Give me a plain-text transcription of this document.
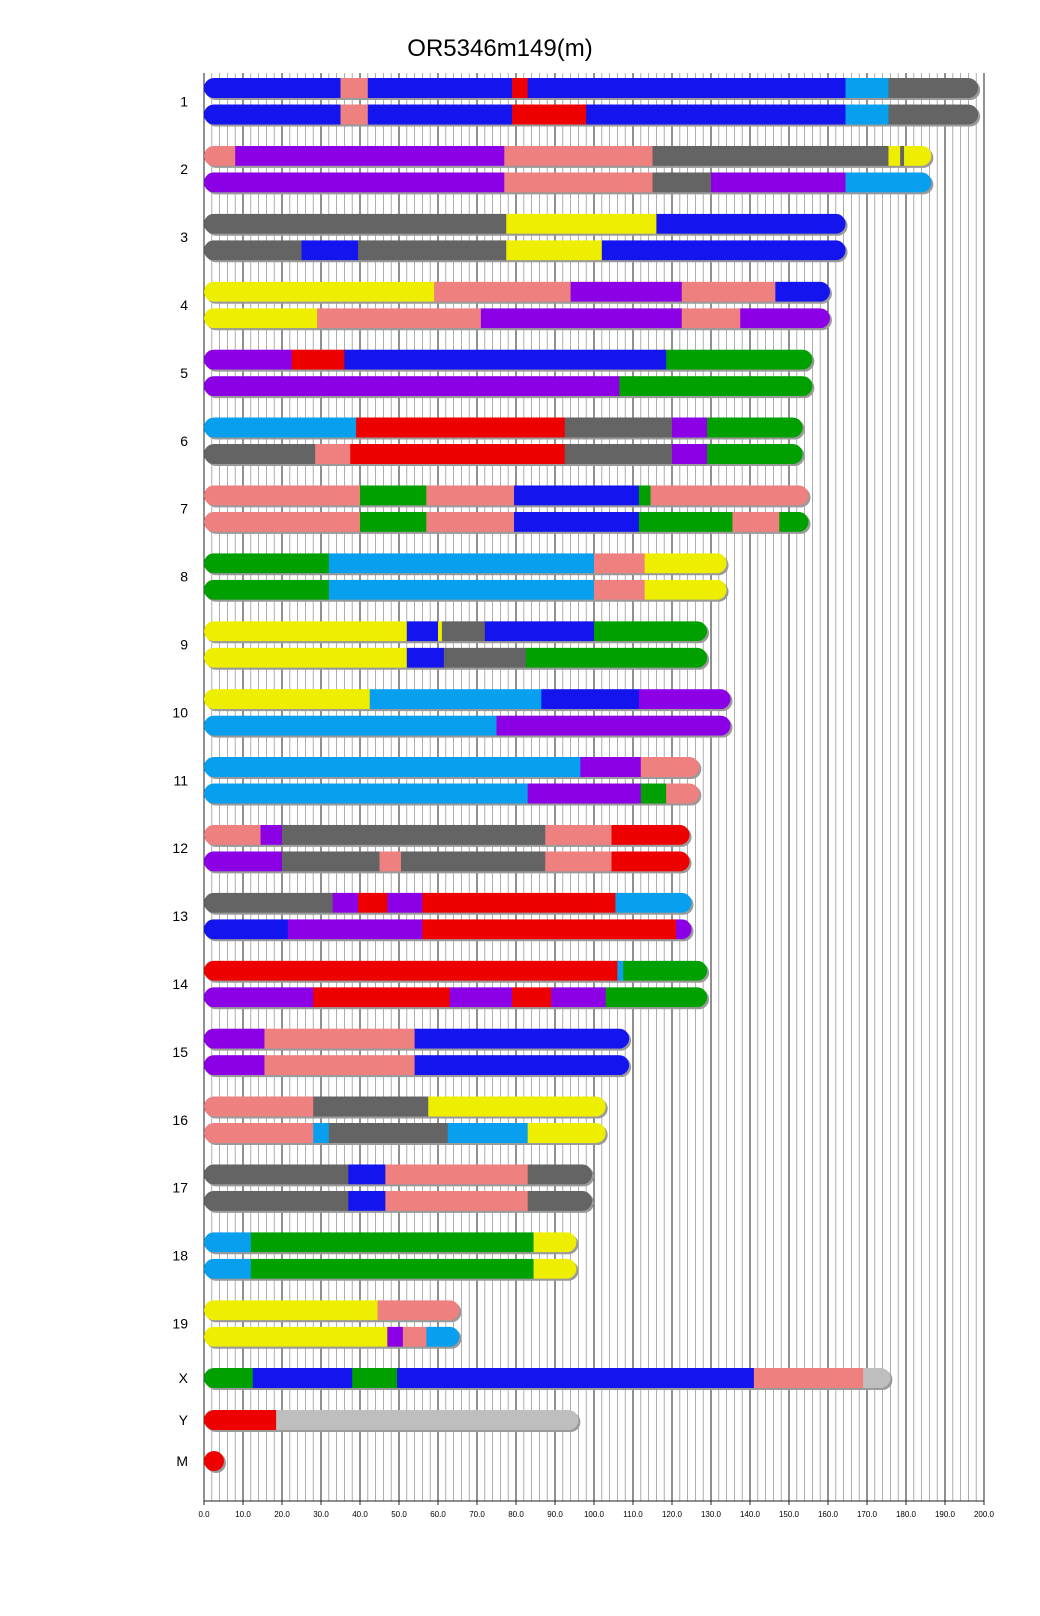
OR5346m149(m)
1
2
3
4
5
6
7
8
9
10
11
12
13
14
15
16
17
18
19
X
Y
M
0.0	10.0	20.0	30.0	40.0	50.0	60.0	70.0	80.0	90.0	100.0 110.0 120.0 130.0 140.0 150.0 160.0 170.0 180.0 190.0 200.0
